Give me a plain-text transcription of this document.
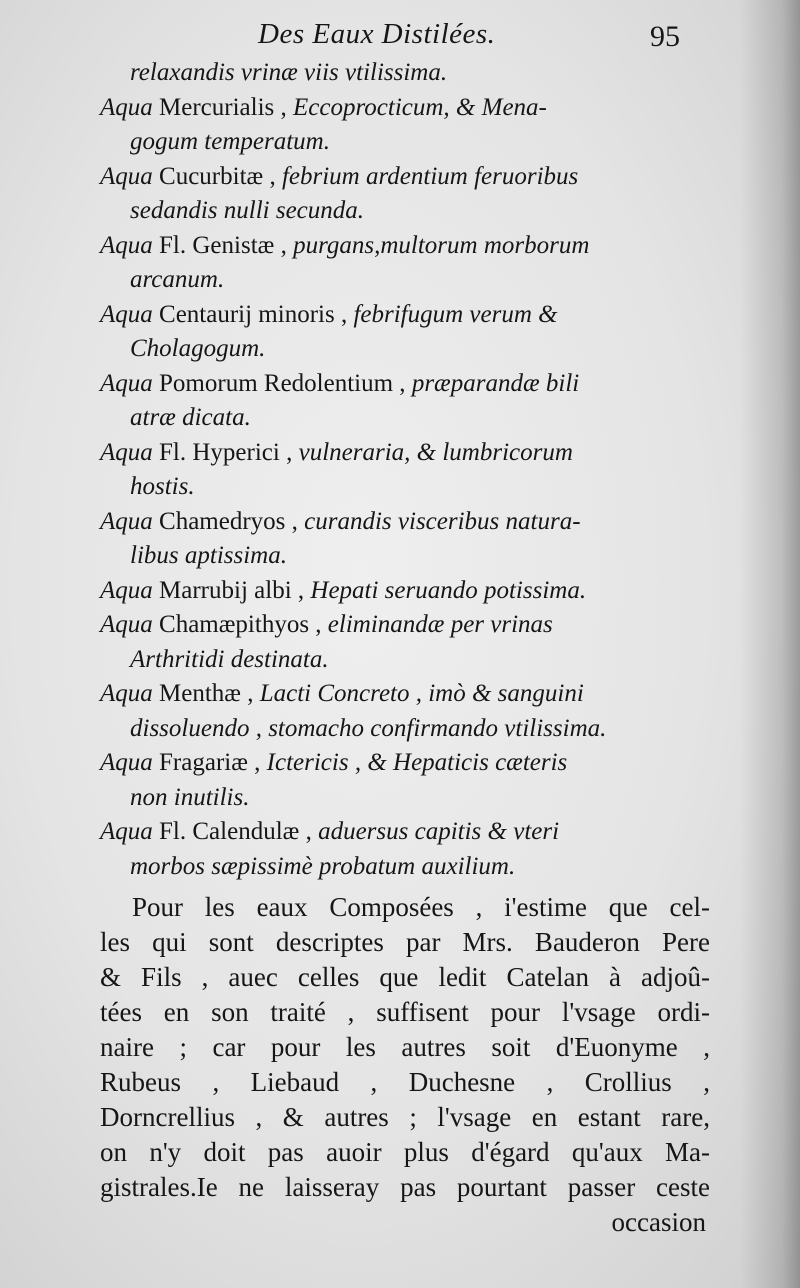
Des Eaux Distilées.	95
relaxandis vrinæ viis vtilissima.
Aqua Mercurialis , Eccoprocticum, & Mena-
gogum temperatum.
Aqua Cucurbitæ , febrium ardentium feruoribus
sedandis nulli secunda.
Aqua Fl. Genistæ , purgans,multorum morborum
arcanum.
Aqua Centaurij minoris , febrifugum verum &
Cholagogum.
Aqua Pomorum Redolentium , præparandæ bili
atræ dicata.
Aqua Fl. Hyperici , vulneraria, & lumbricorum
hostis.
Aqua Chamedryos , curandis visceribus natura-
libus aptissima.
Aqua Marrubij albi , Hepati seruando potissima.
Aqua Chamæpithyos , eliminandæ per vrinas
Arthritidi destinata.
Aqua Menthæ , Lacti Concreto , imò & sanguini
dissoluendo , stomacho confirmando vtilissima.
Aqua Fragariæ , Ictericis , & Hepaticis cæteris
non inutilis.
Aqua Fl. Calendulæ , aduersus capitis & vteri
morbos sæpissimè probatum auxilium.
Pour les eaux Composées , i'estime que cel-
les qui sont descriptes par Mrs. Bauderon Pere
& Fils , auec celles que ledit Catelan à adjoû-
tées en son traité , suffisent pour l'vsage ordi-
naire ; car pour les autres soit d'Euonyme ,
Rubeus , Liebaud , Duchesne , Crollius ,
Dorncrellius , & autres ; l'vsage en estant rare,
on n'y doit pas auoir plus d'égard qu'aux Ma-
gistrales.Ie ne laisseray pas pourtant passer ceste
occasion
